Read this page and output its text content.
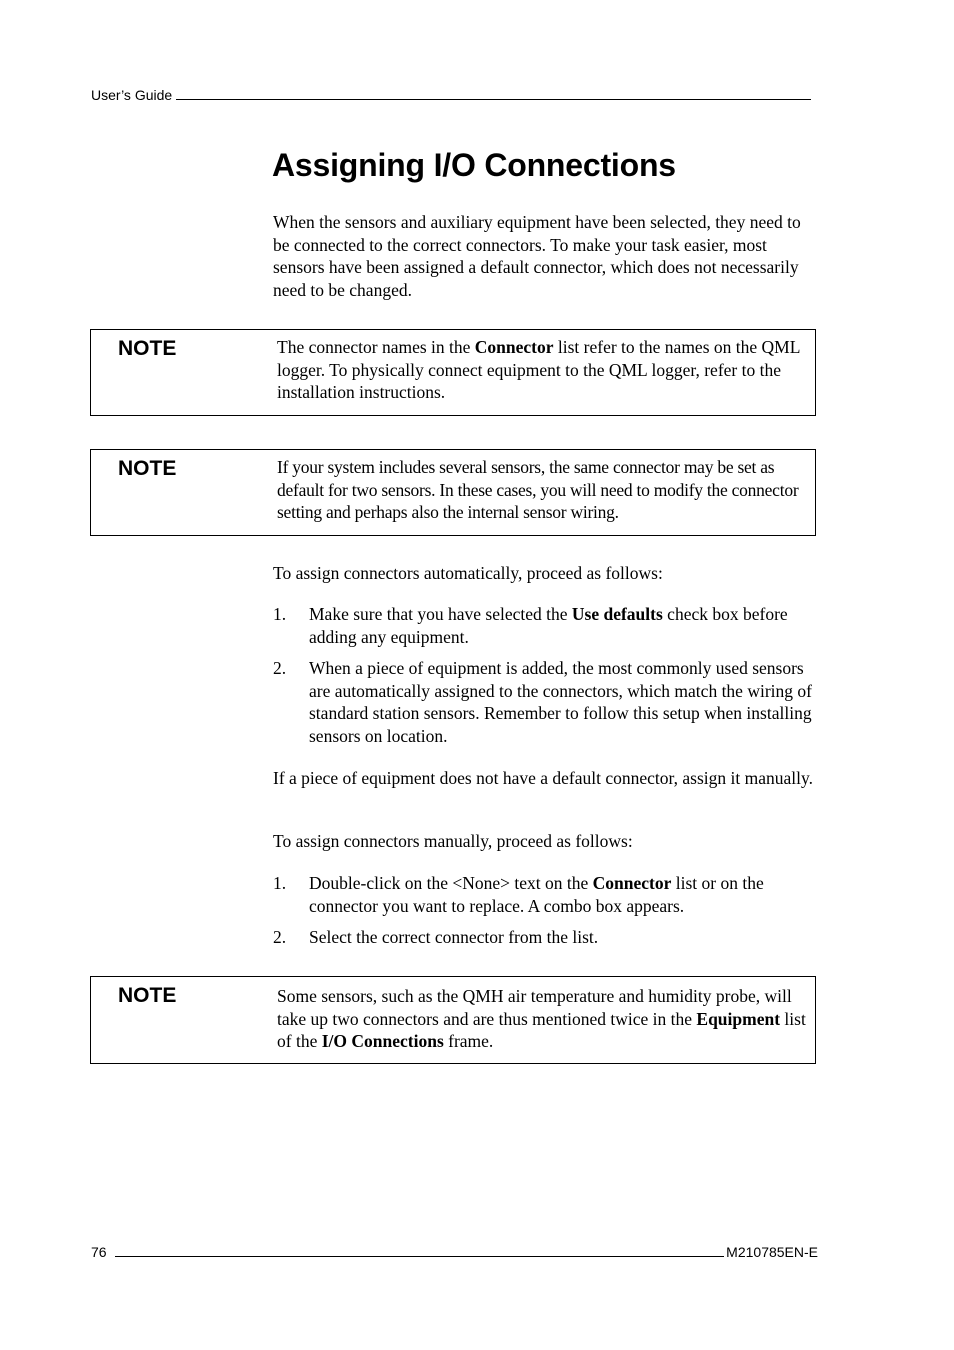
User’s Guide
Assigning I/O Connections

When the sensors and auxiliary equipment have been selected, they need to be connected to the correct connectors. To make your task easier, most sensors have been assigned a default connector, which does not necessarily need to be changed.

NOTE	The connector names in the Connector list refer to the names on the QML logger. To physically connect equipment to the QML logger, refer to the installation instructions.
NOTE	If your system includes several sensors, the same connector may be set as default for two sensors. In these cases, you will need to modify the connector setting and perhaps also the internal sensor wiring.

To assign connectors automatically, proceed as follows:

1. Make sure that you have selected the Use defaults check box before adding any equipment.
2. When a piece of equipment is added, the most commonly used sensors are automatically assigned to the connectors, which match the wiring of standard station sensors. Remember to follow this setup when installing sensors on location.

If a piece of equipment does not have a default connector, assign it manually.

To assign connectors manually, proceed as follows:

1. Double-click on the <None> text on the Connector list or on the connector you want to replace. A combo box appears.
2. Select the correct connector from the list.
NOTE	Some sensors, such as the QMH air temperature and humidity probe, will take up two connectors and are thus mentioned twice in the Equipment list of the I/O Connections frame.
76	M210785EN-E
